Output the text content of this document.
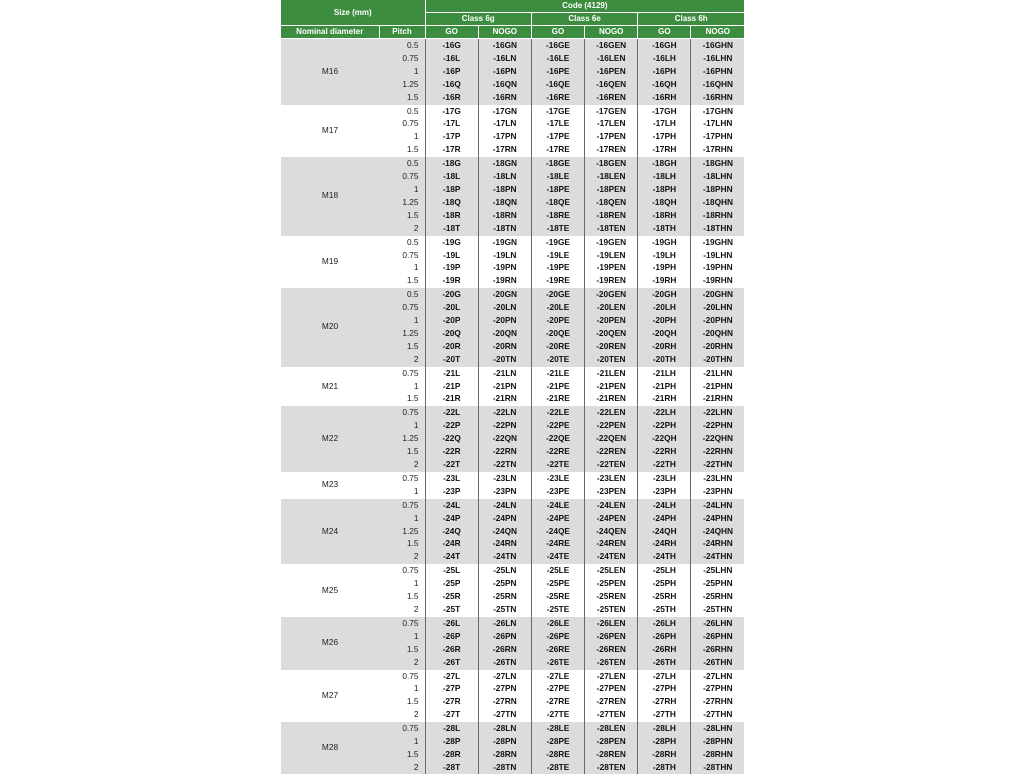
Size (mm)		Code (4129)					
		Class 6g		Class 6e		Class 6h	
Nominal diameter	Pitch	GO	NOGO	GO	NOGO	GO	NOGO
M16	0.5	-16G	-16GN	-16GE	-16GEN	-16GH	-16GHN
	0.75	-16L	-16LN	-16LE	-16LEN	-16LH	-16LHN
	1	-16P	-16PN	-16PE	-16PEN	-16PH	-16PHN
	1.25	-16Q	-16QN	-16QE	-16QEN	-16QH	-16QHN
	1.5	-16R	-16RN	-16RE	-16REN	-16RH	-16RHN
M17	0.5	-17G	-17GN	-17GE	-17GEN	-17GH	-17GHN
	0.75	-17L	-17LN	-17LE	-17LEN	-17LH	-17LHN
	1	-17P	-17PN	-17PE	-17PEN	-17PH	-17PHN
	1.5	-17R	-17RN	-17RE	-17REN	-17RH	-17RHN
M18	0.5	-18G	-18GN	-18GE	-18GEN	-18GH	-18GHN
	0.75	-18L	-18LN	-18LE	-18LEN	-18LH	-18LHN
	1	-18P	-18PN	-18PE	-18PEN	-18PH	-18PHN
	1.25	-18Q	-18QN	-18QE	-18QEN	-18QH	-18QHN
	1.5	-18R	-18RN	-18RE	-18REN	-18RH	-18RHN
	2	-18T	-18TN	-18TE	-18TEN	-18TH	-18THN
M19	0.5	-19G	-19GN	-19GE	-19GEN	-19GH	-19GHN
	0.75	-19L	-19LN	-19LE	-19LEN	-19LH	-19LHN
	1	-19P	-19PN	-19PE	-19PEN	-19PH	-19PHN
	1.5	-19R	-19RN	-19RE	-19REN	-19RH	-19RHN
M20	0.5	-20G	-20GN	-20GE	-20GEN	-20GH	-20GHN
	0.75	-20L	-20LN	-20LE	-20LEN	-20LH	-20LHN
	1	-20P	-20PN	-20PE	-20PEN	-20PH	-20PHN
	1.25	-20Q	-20QN	-20QE	-20QEN	-20QH	-20QHN
	1.5	-20R	-20RN	-20RE	-20REN	-20RH	-20RHN
	2	-20T	-20TN	-20TE	-20TEN	-20TH	-20THN
M21	0.75	-21L	-21LN	-21LE	-21LEN	-21LH	-21LHN
	1	-21P	-21PN	-21PE	-21PEN	-21PH	-21PHN
	1.5	-21R	-21RN	-21RE	-21REN	-21RH	-21RHN
M22	0.75	-22L	-22LN	-22LE	-22LEN	-22LH	-22LHN
	1	-22P	-22PN	-22PE	-22PEN	-22PH	-22PHN
	1.25	-22Q	-22QN	-22QE	-22QEN	-22QH	-22QHN
	1.5	-22R	-22RN	-22RE	-22REN	-22RH	-22RHN
	2	-22T	-22TN	-22TE	-22TEN	-22TH	-22THN
M23	0.75	-23L	-23LN	-23LE	-23LEN	-23LH	-23LHN
	1	-23P	-23PN	-23PE	-23PEN	-23PH	-23PHN
M24	0.75	-24L	-24LN	-24LE	-24LEN	-24LH	-24LHN
	1	-24P	-24PN	-24PE	-24PEN	-24PH	-24PHN
	1.25	-24Q	-24QN	-24QE	-24QEN	-24QH	-24QHN
	1.5	-24R	-24RN	-24RE	-24REN	-24RH	-24RHN
	2	-24T	-24TN	-24TE	-24TEN	-24TH	-24THN
M25	0.75	-25L	-25LN	-25LE	-25LEN	-25LH	-25LHN
	1	-25P	-25PN	-25PE	-25PEN	-25PH	-25PHN
	1.5	-25R	-25RN	-25RE	-25REN	-25RH	-25RHN
	2	-25T	-25TN	-25TE	-25TEN	-25TH	-25THN
M26	0.75	-26L	-26LN	-26LE	-26LEN	-26LH	-26LHN
	1	-26P	-26PN	-26PE	-26PEN	-26PH	-26PHN
	1.5	-26R	-26RN	-26RE	-26REN	-26RH	-26RHN
	2	-26T	-26TN	-26TE	-26TEN	-26TH	-26THN
M27	0.75	-27L	-27LN	-27LE	-27LEN	-27LH	-27LHN
	1	-27P	-27PN	-27PE	-27PEN	-27PH	-27PHN
	1.5	-27R	-27RN	-27RE	-27REN	-27RH	-27RHN
	2	-27T	-27TN	-27TE	-27TEN	-27TH	-27THN
M28	0.75	-28L	-28LN	-28LE	-28LEN	-28LH	-28LHN
	1	-28P	-28PN	-28PE	-28PEN	-28PH	-28PHN
	1.5	-28R	-28RN	-28RE	-28REN	-28RH	-28RHN
	2	-28T	-28TN	-28TE	-28TEN	-28TH	-28THN
